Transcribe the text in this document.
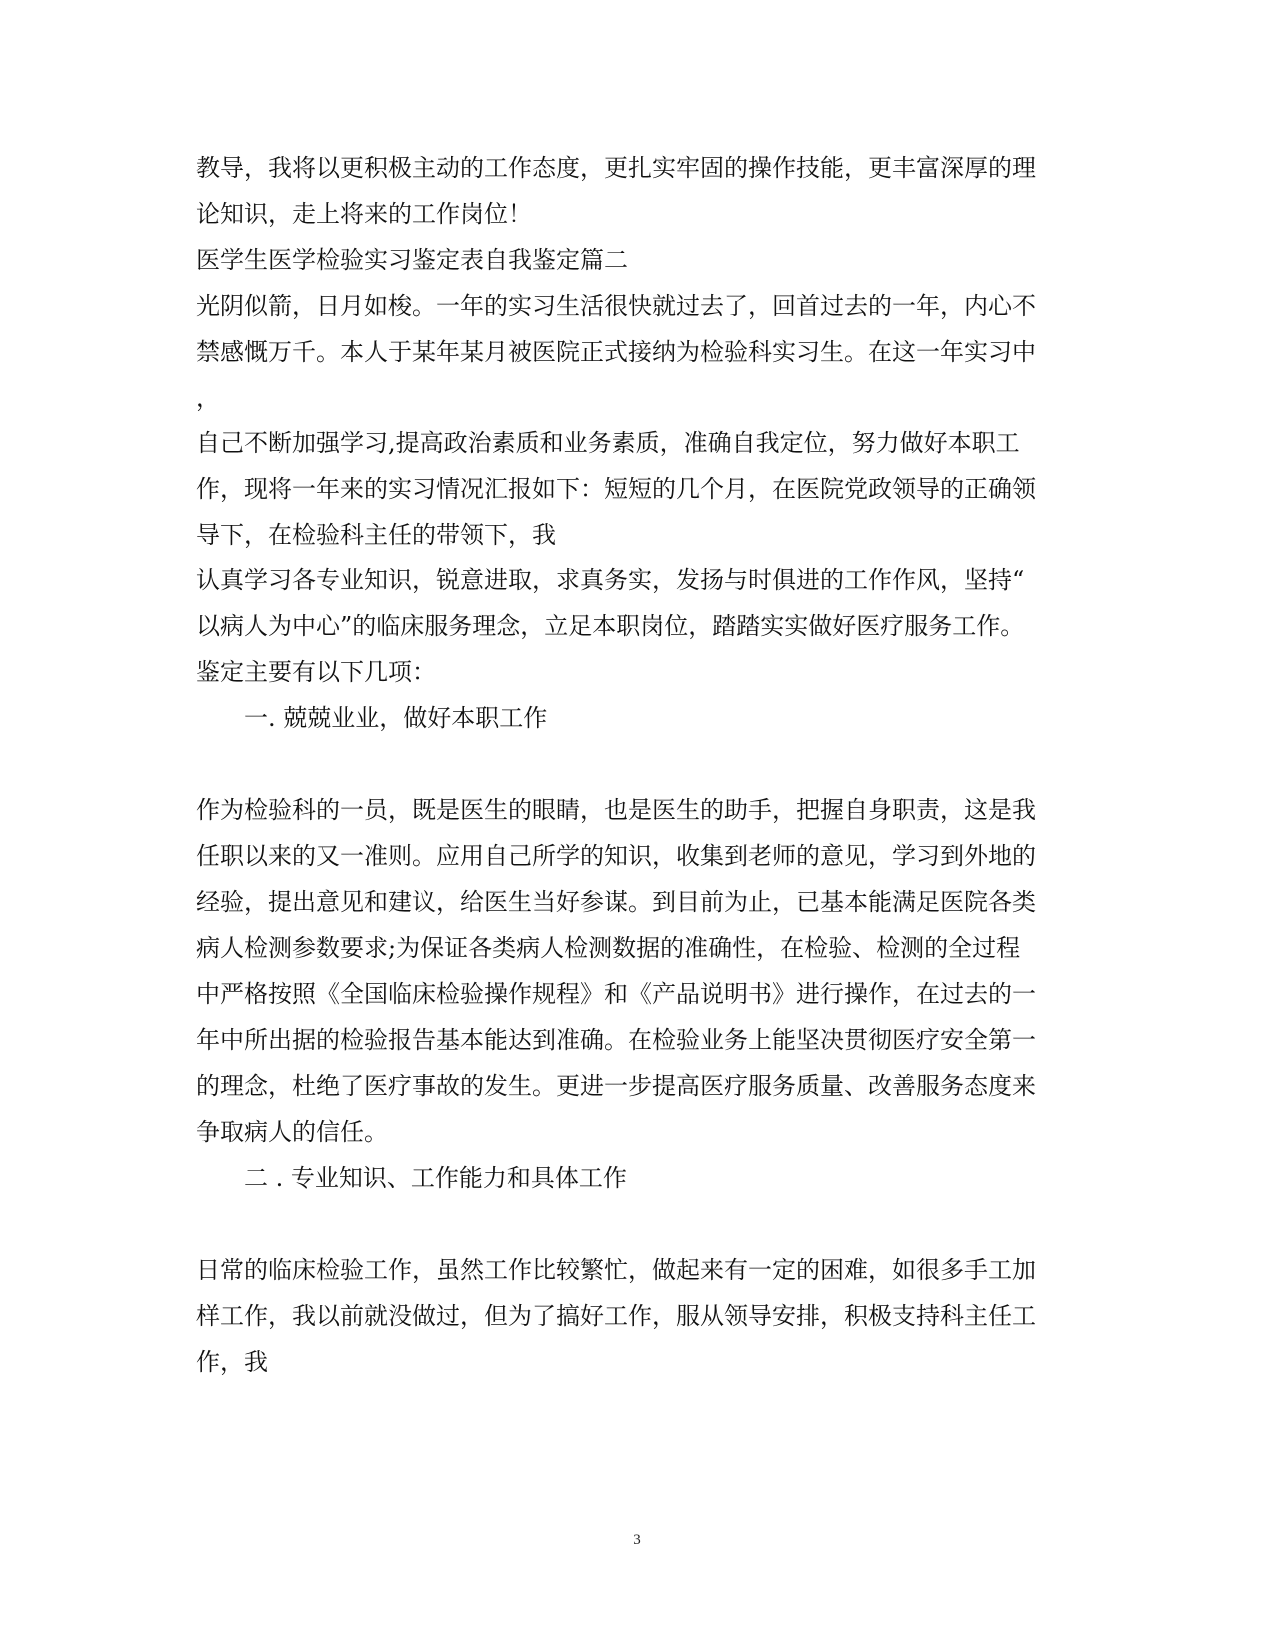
教导，我将以更积极主动的工作态度，更扎实牢固的操作技能，更丰富深厚的理
论知识，走上将来的工作岗位！
医学生医学检验实习鉴定表自我鉴定篇二
光阴似箭，日月如梭。一年的实习生活很快就过去了，回首过去的一年，内心不
禁感慨万千。本人于某年某月被医院正式接纳为检验科实习生。在这一年实习中
，
自己不断加强学习,提高政治素质和业务素质，准确自我定位，努力做好本职工
作，现将一年来的实习情况汇报如下：短短的几个月，在医院党政领导的正确领
导下，在检验科主任的带领下，我
认真学习各专业知识，锐意进取，求真务实，发扬与时俱进的工作作风，坚持“
以病人为中心”的临床服务理念，立足本职岗位，踏踏实实做好医疗服务工作。
鉴定主要有以下几项：
一. 兢兢业业，做好本职工作
作为检验科的一员，既是医生的眼睛，也是医生的助手，把握自身职责，这是我
任职以来的又一准则。应用自己所学的知识，收集到老师的意见，学习到外地的
经验，提出意见和建议，给医生当好参谋。到目前为止，已基本能满足医院各类
病人检测参数要求;为保证各类病人检测数据的准确性，在检验、检测的全过程
中严格按照《全国临床检验操作规程》和《产品说明书》进行操作，在过去的一
年中所出据的检验报告基本能达到准确。在检验业务上能坚决贯彻医疗安全第一
的理念，杜绝了医疗事故的发生。更进一步提高医疗服务质量、改善服务态度来
争取病人的信任。
二 . 专业知识、工作能力和具体工作
日常的临床检验工作，虽然工作比较繁忙，做起来有一定的困难，如很多手工加
样工作，我以前就没做过，但为了搞好工作，服从领导安排，积极支持科主任工
作，我
3
